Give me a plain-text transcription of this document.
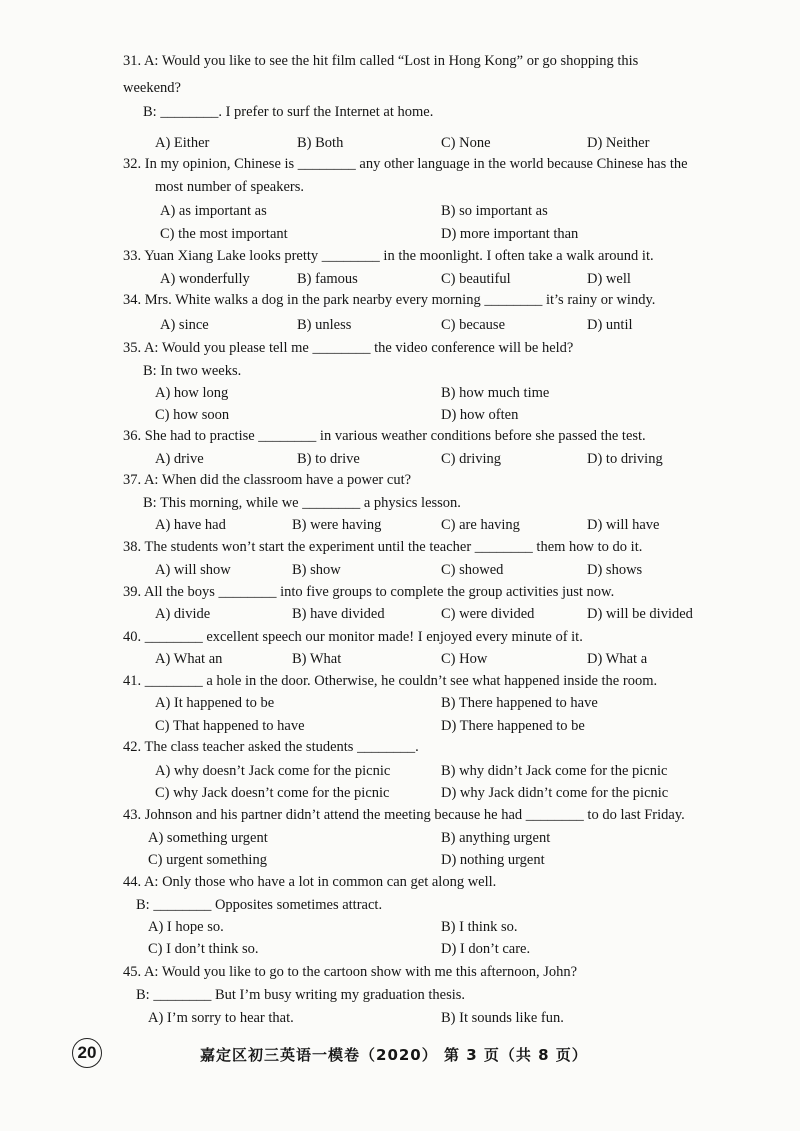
31. A: Would you like to see the hit film called “Lost in Hong Kong” or go shopping this
weekend?
B: ________. I prefer to surf the Internet at home.
32. In my opinion, Chinese is ________ any other language in the world because Chinese has the
most number of speakers.
33. Yuan Xiang Lake looks pretty ________ in the moonlight. I often take a walk around it.
34. Mrs. White walks a dog in the park nearby every morning ________ it’s rainy or windy.
35. A: Would you please tell me ________ the video conference will be held?
B: In two weeks.
36. She had to practise ________ in various weather conditions before she passed the test.
37. A: When did the classroom have a power cut?
B: This morning, while we ________ a physics lesson.
38. The students won’t start the experiment until the teacher ________ them how to do it.
39. All the boys ________ into five groups to complete the group activities just now.
40. ________ excellent speech our monitor made! I enjoyed every minute of it.
41. ________ a hole in the door. Otherwise, he couldn’t see what happened inside the room.
42. The class teacher asked the students ________.
43. Johnson and his partner didn’t attend the meeting because he had ________ to do last Friday.
44. A: Only those who have a lot in common can get along well.
B: ________ Opposites sometimes attract.
45. A: Would you like to go to the cartoon show with me this afternoon, John?
B: ________ But I’m busy writing my graduation thesis.
A) Either	B) Both	C) None	D) Neither
A) as important as	B) so important as
C) the most important	D) more important than
A) wonderfully	B) famous	C) beautiful	D) well
A) since	B) unless	C) because	D) until
A) how long	B) how much time
C) how soon	D) how often
A) drive	B) to drive	C) driving	D) to driving
A) have had	B) were having	C) are having	D) will have
A) will show	B) show	C) showed	D) shows
A) divide	B) have divided	C) were divided	D) will be divided
A) What an	B) What	C) How	D) What a
A) It happened to be	B) There happened to have
C) That happened to have	D) There happened to be
A) why doesn’t Jack come for the picnic	B) why didn’t Jack come for the picnic
C) why Jack doesn’t come for the picnic	D) why Jack didn’t come for the picnic
A) something urgent	B) anything urgent
C) urgent something	D) nothing urgent
A) I hope so.	B) I think so.
C) I don’t think so.	D) I don’t care.
A) I’m sorry to hear that.	B) It sounds like fun.
20	嘉定区初三英语一模卷（2020） 第 3 页（共 8 页）
